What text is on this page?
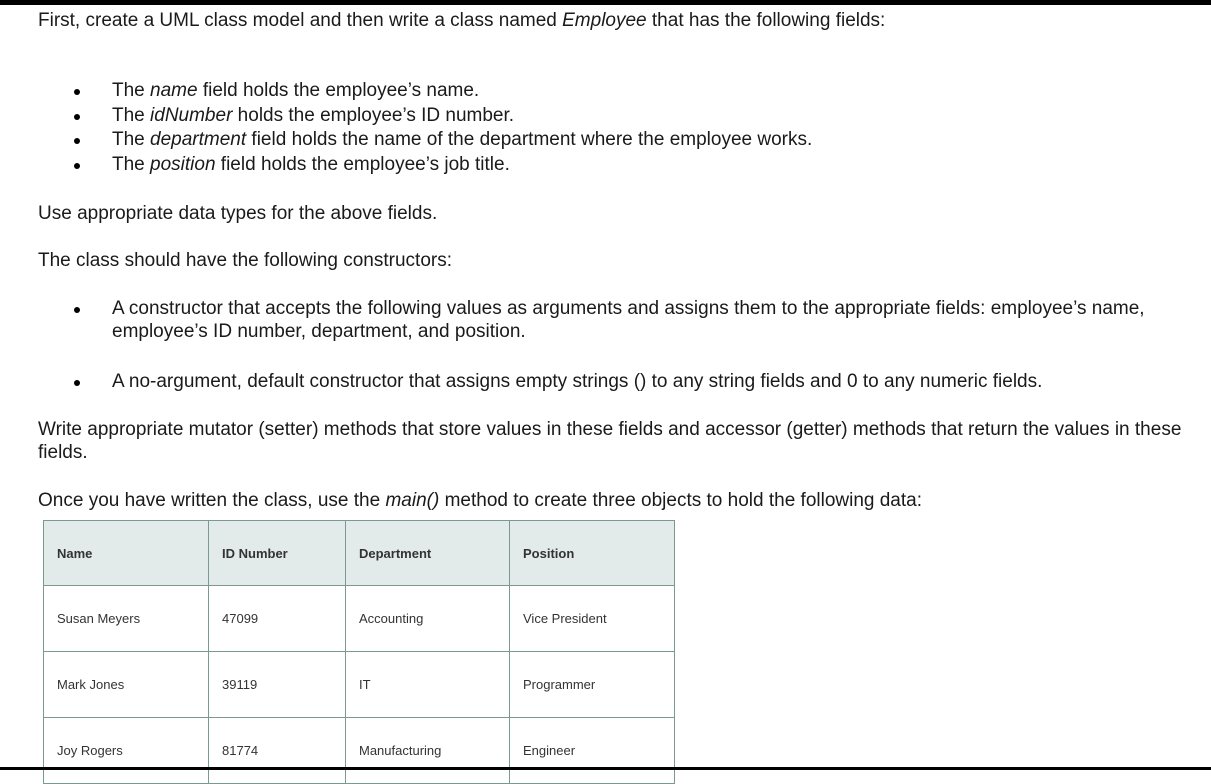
First, create a UML class model and then write a class named Employee that has the following fields:

The name field holds the employee’s name.
The idNumber holds the employee’s ID number.
The department field holds the name of the department where the employee works.
The position field holds the employee’s job title.

Use appropriate data types for the above fields.

The class should have the following constructors:

A constructor that accepts the following values as arguments and assigns them to the appropriate fields: employee’s name, employee’s ID number, department, and position.
A no-argument, default constructor that assigns empty strings () to any string fields and 0 to any numeric fields.

Write appropriate mutator (setter) methods that store values in these fields and accessor (getter) methods that return the values in these fields.

Once you have written the class, use the main() method to create three objects to hold the following data:

Name	ID Number	Department	Position
Susan Meyers	47099	Accounting	Vice President
Mark Jones	39119	IT	Programmer
Joy Rogers	81774	Manufacturing	Engineer
